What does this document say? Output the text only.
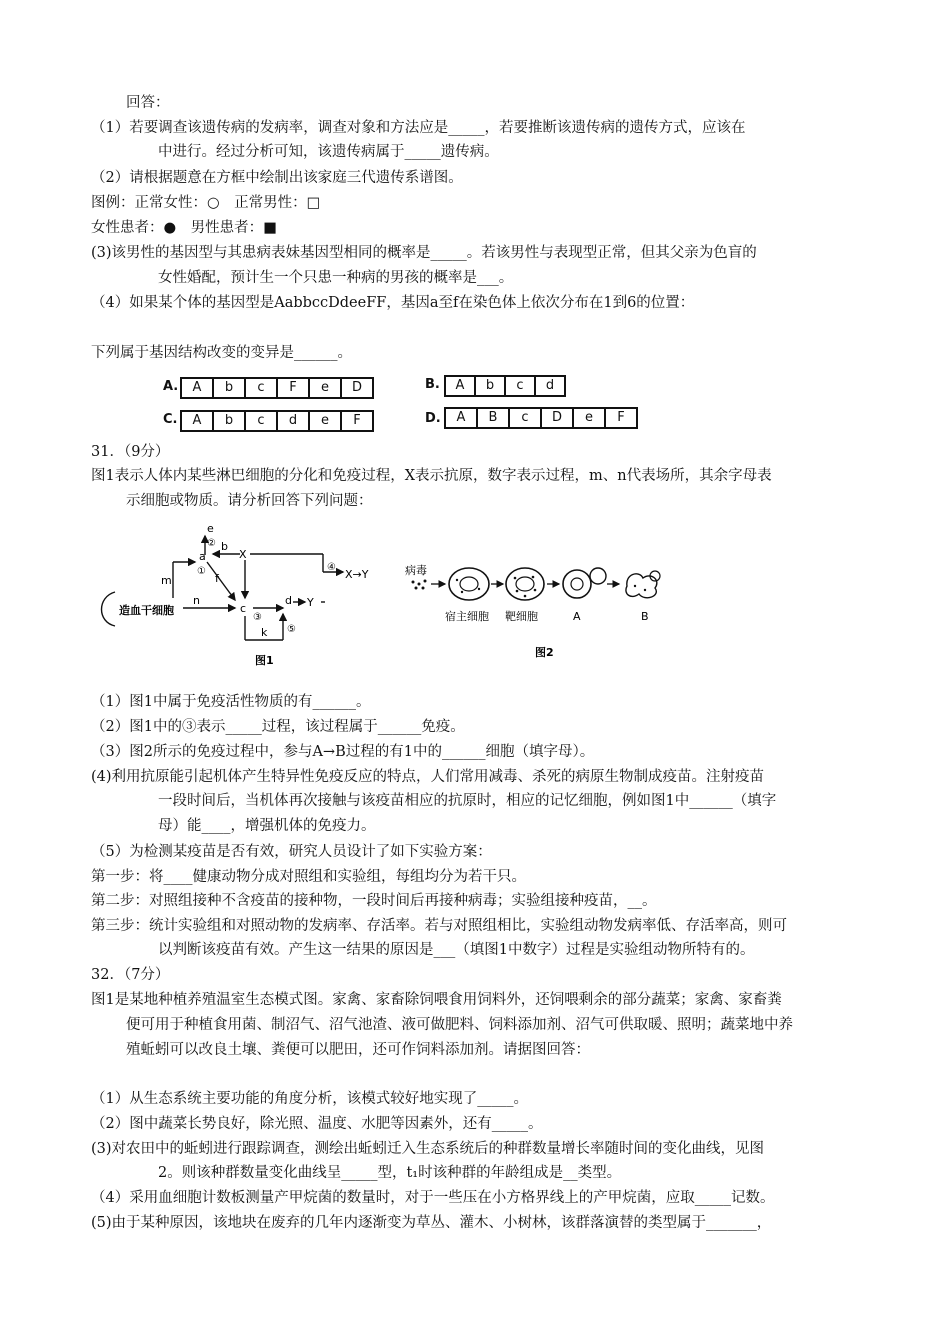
回答：
（1）若要调查该遗传病的发病率，调查对象和方法应是_____，若要推断该遗传病的遗传方式，应该在
中进行。经过分析可知，该遗传病属于_____遗传病。
（2）请根据题意在方框中绘制出该家庭三代遗传系谱图。
图例：正常女性：○　正常男性：□
女性患者：●　男性患者：■
(3)该男性的基因型与其患病表妹基因型相同的概率是_____。若该男性与表现型正常，但其父亲为色盲的
女性婚配，预计生一个只患一种病的男孩的概率是___。
（4）如果某个体的基因型是AabbccDdeeFF，基因a至f在染色体上依次分布在1到6的位置：
下列属于基因结构改变的变异是______。
A.	A	b	c	F	e	D	B.	A	b	c	d
C.	A	b	c	d	e	F	D.	A	B	c	D	e	F
31．（9分）
图1表示人体内某些淋巴细胞的分化和免疫过程，X表示抗原，数字表示过程，m、n代表场所，其余字母表
示细胞或物质。请分析回答下列问题：
造血干细胞
e
a
b
X
m	f
c
d Y
k
n
②
①
③
④
⑤
X→Y
图1
病毒
宿主细胞 靶细胞	A	B
图2
（1）图1中属于免疫活性物质的有______。
（2）图1中的③表示_____过程，该过程属于______免疫。
（3）图2所示的免疫过程中，参与A→B过程的有1中的______细胞（填字母）。
(4)利用抗原能引起机体产生特异性免疫反应的特点，人们常用减毒、杀死的病原生物制成疫苗。注射疫苗
一段时间后，当机体再次接触与该疫苗相应的抗原时，相应的记忆细胞，例如图1中______（填字
母）能____，增强机体的免疫力。
（5）为检测某疫苗是否有效，研究人员设计了如下实验方案：
第一步：将____健康动物分成对照组和实验组，每组均分为若干只。
第二步：对照组接种不含疫苗的接种物，一段时间后再接种病毒；实验组接种疫苗，__。
第三步：统计实验组和对照动物的发病率、存活率。若与对照组相比，实验组动物发病率低、存活率高，则可
以判断该疫苗有效。产生这一结果的原因是___（填图1中数字）过程是实验组动物所特有的。
32．（7分）
图1是某地种植养殖温室生态模式图。家禽、家畜除饲喂食用饲料外，还饲喂剩余的部分蔬菜；家禽、家畜粪
便可用于种植食用菌、制沼气、沼气池渣、液可做肥料、饲料添加剂、沼气可供取暖、照明；蔬菜地中养
殖蚯蚓可以改良土壤、粪便可以肥田，还可作饲料添加剂。请据图回答：
（1）从生态系统主要功能的角度分析，该模式较好地实现了_____。
（2）图中蔬菜长势良好，除光照、温度、水肥等因素外，还有_____。
(3)对农田中的蚯蚓进行跟踪调查，测绘出蚯蚓迁入生态系统后的种群数量增长率随时间的变化曲线，见图
2。则该种群数量变化曲线呈_____型，t₁时该种群的年龄组成是__类型。
（4）采用血细胞计数板测量产甲烷菌的数量时，对于一些压在小方格界线上的产甲烷菌，应取_____记数。
(5)由于某种原因，该地块在废弃的几年内逐渐变为草丛、灌木、小树林，该群落演替的类型属于_______，
